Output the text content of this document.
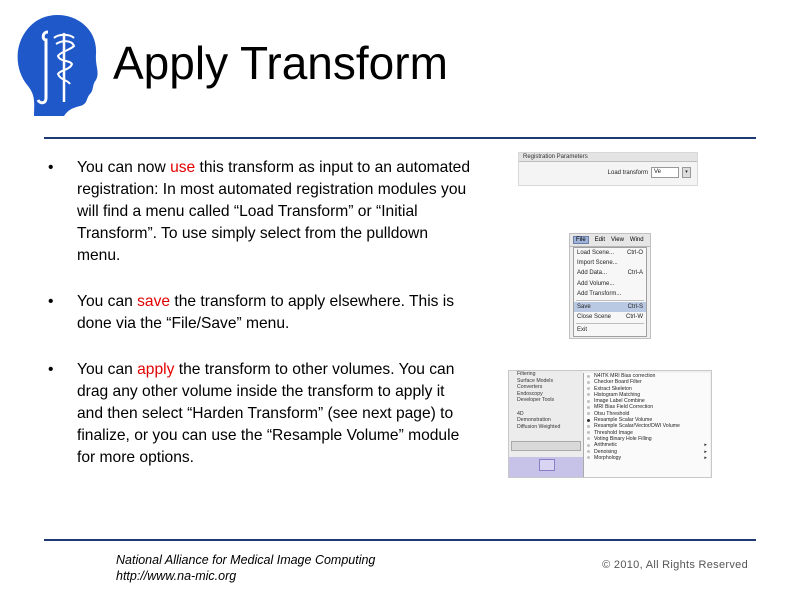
Apply Transform
• You can now use this transform as input to an automated registration: In most automated registration modules you will find a menu called “Load Transform” or “Initial Transform”. To use simply select from the pulldown menu.
• You can save the transform to apply elsewhere. This is done via the “File/Save” menu.
• You can apply the transform to other volumes. You can drag any other volume inside the transform to apply it and then select “Harden Transform” (see next page) to finalize, or you can use the “Resample Volume” module for more options.
Registration Parameters
Load transform	Ve	▾
File	Edit View Wind
Load Scene... Ctrl-O
Import Scene...
Add Data...	Ctrl-A
Add Volume...
Add Transform...
Save	Ctrl-S
Close Scene Ctrl-W
Exit
Filtering
Surface Models
Converters
Endoscopy
Developer Tools
4D
Demonstration
Diffusion Weighted
N4ITK MRI Bias correction
Checker Board Filter
Extract Skeleton
Histogram Matching
Image Label Combine
MRI Bias Field Correction
Otsu Threshold
Resample Scalar Volume
Resample Scalar/Vector/DWI Volume
Threshold Image
Voting Binary Hole Filling
Arithmetic	▸
Denoising	▸
Morphology	▸
National Alliance for Medical Image Computing
http://www.na-mic.org
© 2010, All Rights Reserved
